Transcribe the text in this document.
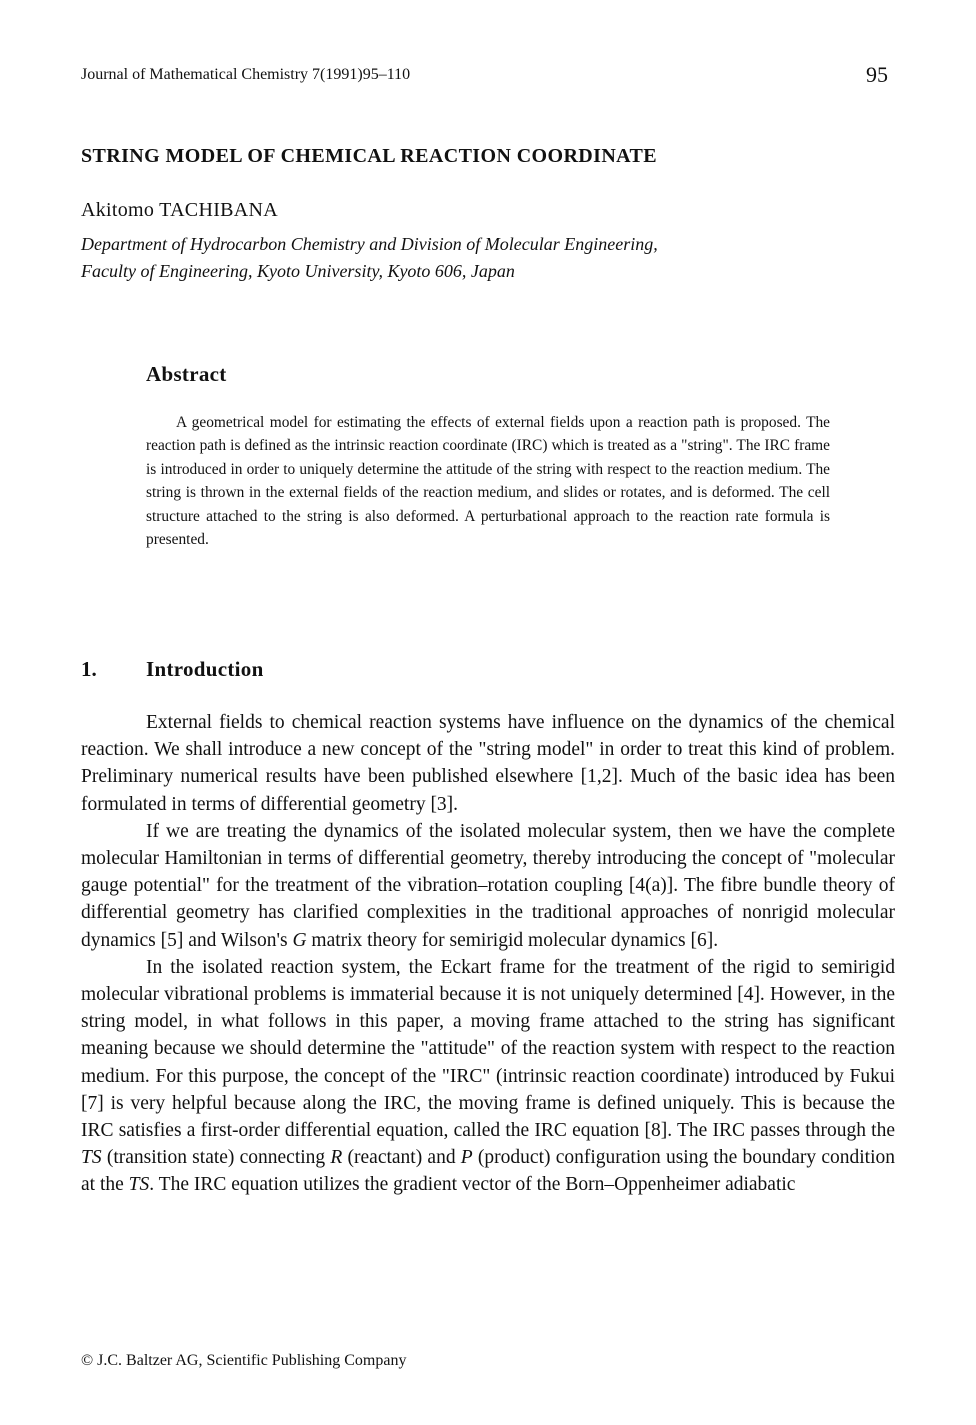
Journal of Mathematical Chemistry 7(1991)95–110	95
STRING MODEL OF CHEMICAL REACTION COORDINATE
Akitomo TACHIBANA
Department of Hydrocarbon Chemistry and Division of Molecular Engineering,
Faculty of Engineering, Kyoto University, Kyoto 606, Japan
Abstract
A geometrical model for estimating the effects of external fields upon a reaction path is proposed. The reaction path is defined as the intrinsic reaction coordinate (IRC) which is treated as a "string". The IRC frame is introduced in order to uniquely determine the attitude of the string with respect to the reaction medium. The string is thrown in the external fields of the reaction medium, and slides or rotates, and is deformed. The cell structure attached to the string is also deformed. A perturbational approach to the reaction rate formula is presented.
1. Introduction

External fields to chemical reaction systems have influence on the dynamics of the chemical reaction. We shall introduce a new concept of the "string model" in order to treat this kind of problem. Preliminary numerical results have been published elsewhere [1,2]. Much of the basic idea has been formulated in terms of differential geometry [3].

If we are treating the dynamics of the isolated molecular system, then we have the complete molecular Hamiltonian in terms of differential geometry, thereby introducing the concept of "molecular gauge potential" for the treatment of the vibration–rotation coupling [4(a)]. The fibre bundle theory of differential geometry has clarified complexities in the traditional approaches of nonrigid molecular dynamics [5] and Wilson's G matrix theory for semirigid molecular dynamics [6].

In the isolated reaction system, the Eckart frame for the treatment of the rigid to semirigid molecular vibrational problems is immaterial because it is not uniquely determined [4]. However, in the string model, in what follows in this paper, a moving frame attached to the string has significant meaning because we should determine the "attitude" of the reaction system with respect to the reaction medium. For this purpose, the concept of the "IRC" (intrinsic reaction coordinate) introduced by Fukui [7] is very helpful because along the IRC, the moving frame is defined uniquely. This is because the IRC satisfies a first-order differential equation, called the IRC equation [8]. The IRC passes through the TS (transition state) connecting R (reactant) and P (product) configuration using the boundary condition at the TS. The IRC equation utilizes the gradient vector of the Born–Oppenheimer adiabatic

© J.C. Baltzer AG, Scientific Publishing Company
